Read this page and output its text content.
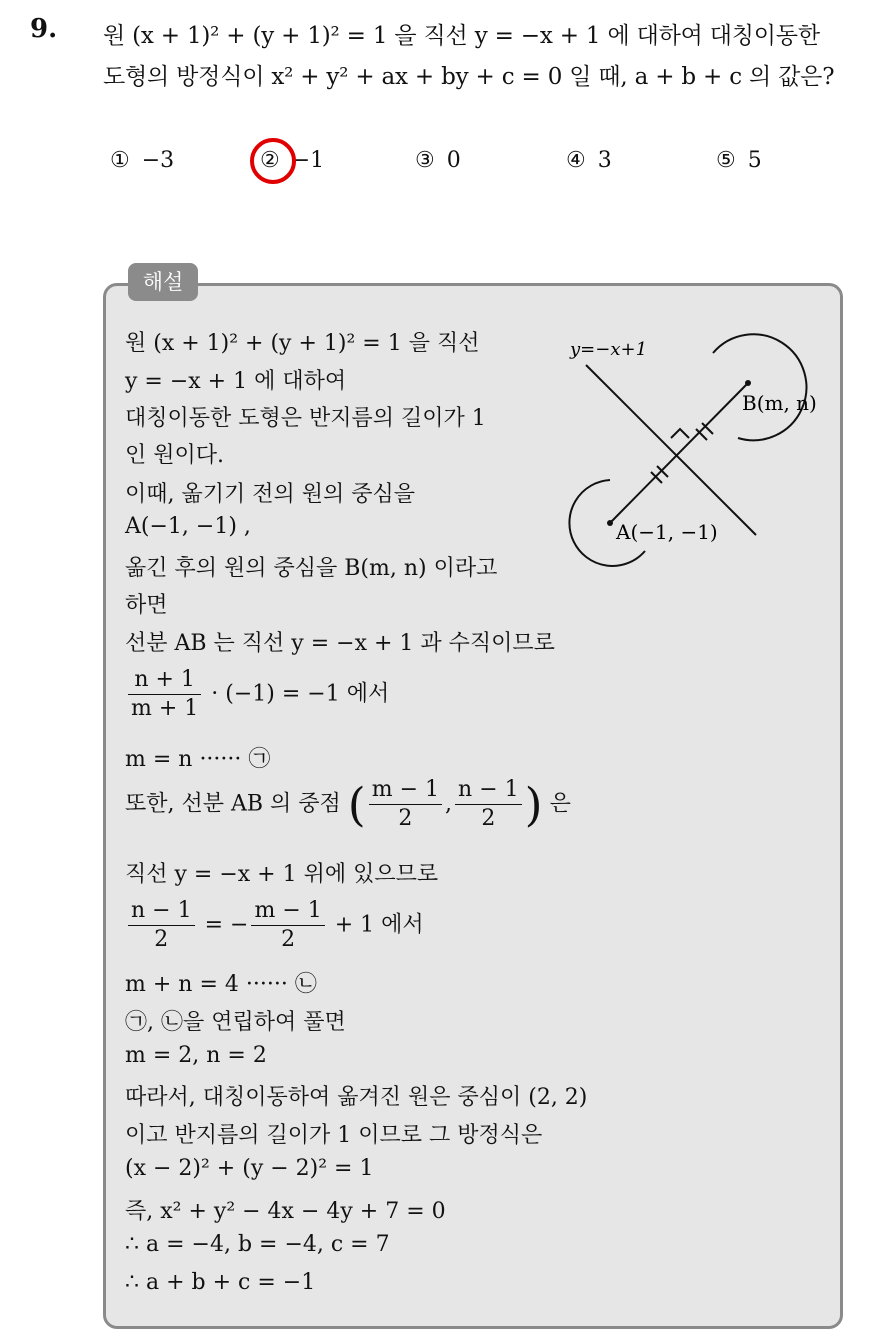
9. 원 (x + 1)² + (y + 1)² = 1 을 직선 y = −x + 1 에 대하여 대칭이동한
도형의 방정식이 x² + y² + ax + by + c = 0 일 때, a + b + c 의 값은?
① −3	② −1	③ 0	④ 3	⑤ 5
해설
원 (x + 1)² + (y + 1)² = 1 을 직선
y = −x + 1 에 대하여
대칭이동한 도형은 반지름의 길이가 1
인 원이다.
이때, 옮기기 전의 원의 중심을
A(−1, −1) ,
옮긴 후의 원의 중심을 B(m, n) 이라고
하면
선분 AB 는 직선 y = −x + 1 과 수직이므로
$\frac{n + 1}{m + 1} \cdot (-1) = -1$ 에서
m = n ······ ㉠
또한, 선분 AB 의 중점 ( $\frac{m - 1}{2}$ , $\frac{n - 1}{2}$ ) 은
직선 y = −x + 1 위에 있으므로
$\frac{n - 1}{2}$ = − $\frac{m - 1}{2} + 1$ 에서
m + n = 4 ······ ㉡
㉠, ㉡을 연립하여 풀면
m = 2, n = 2
따라서, 대칭이동하여 옮겨진 원은 중심이 (2, 2)
이고 반지름의 길이가 1 이므로 그 방정식은
(x − 2)² + (y − 2)² = 1
즉, x² + y² − 4x − 4y + 7 = 0
∴ a = −4, b = −4, c = 7
∴ a + b + c = −1
y=−x+1
A(−1, −1)
B(m, n)
